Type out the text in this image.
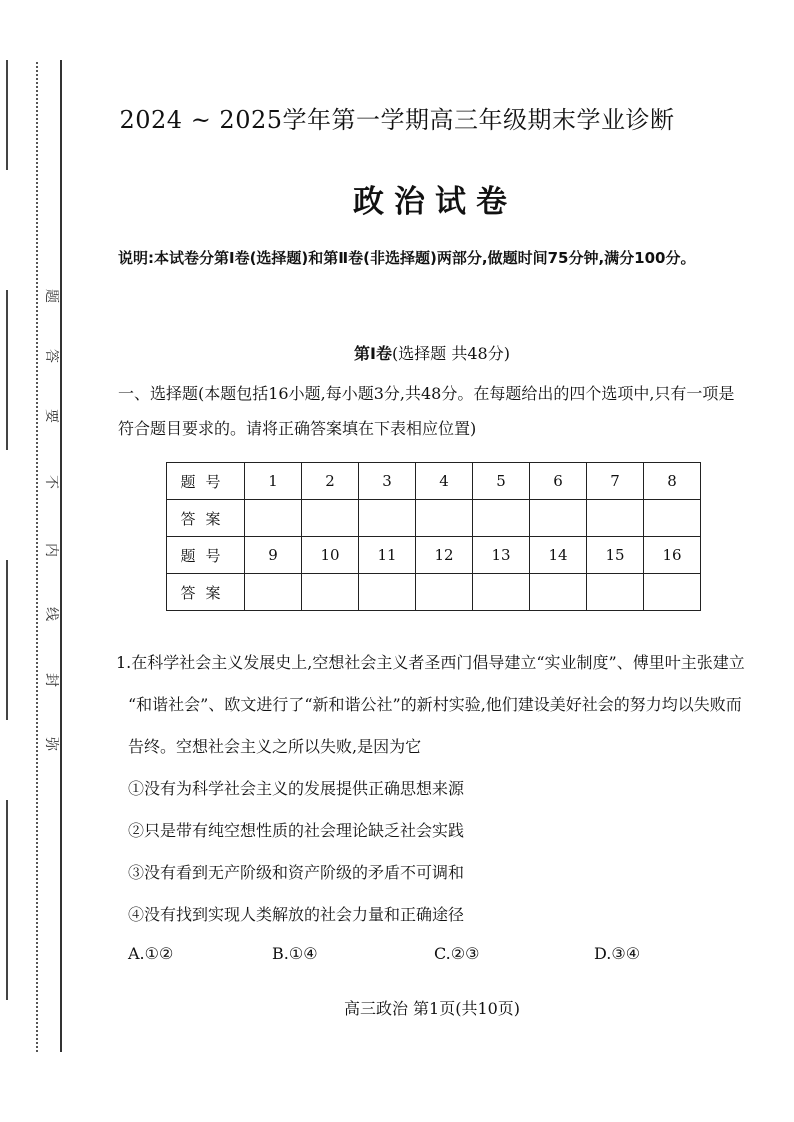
题
答
要
不
内
线
封
弥
2024 ~ 2025学年第一学期高三年级期末学业诊断
政治试卷
说明:本试卷分第Ⅰ卷(选择题)和第Ⅱ卷(非选择题)两部分,做题时间75分钟,满分100分。
第Ⅰ卷(选择题 共48分)
一、选择题(本题包括16小题,每小题3分,共48分。在每题给出的四个选项中,只有一项是
符合题目要求的。请将正确答案填在下表相应位置)
题号	1	2	3	4	5	6	7	8
答案								
题号	9	10	11	12	13	14	15	16
答案								
1.在科学社会主义发展史上,空想社会主义者圣西门倡导建立“实业制度”、傅里叶主张建立
“和谐社会”、欧文进行了“新和谐公社”的新村实验,他们建设美好社会的努力均以失败而
告终。空想社会主义之所以失败,是因为它
①没有为科学社会主义的发展提供正确思想来源
②只是带有纯空想性质的社会理论缺乏社会实践
③没有看到无产阶级和资产阶级的矛盾不可调和
④没有找到实现人类解放的社会力量和正确途径
A.①②	B.①④	C.②③	D.③④
高三政治 第1页(共10页)
